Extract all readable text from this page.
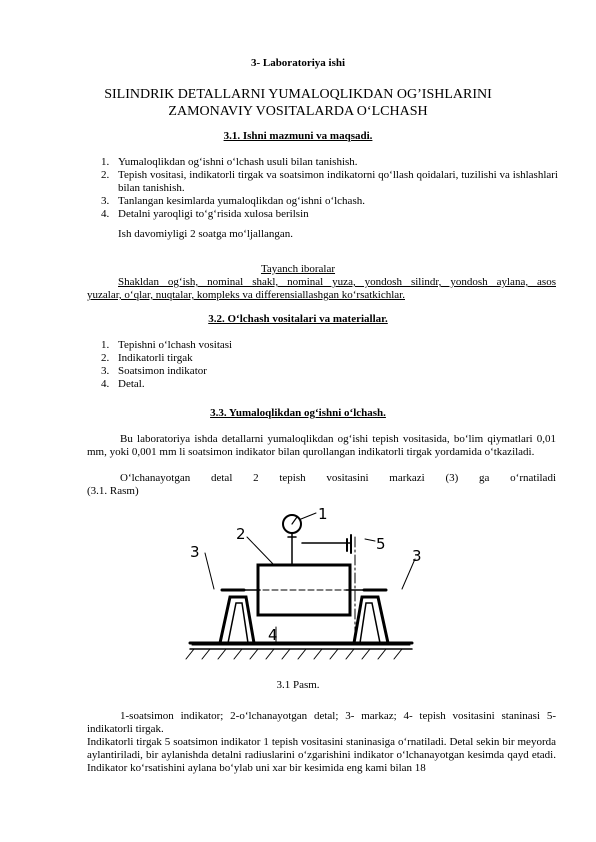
3- Laboratoriya ishi
SILINDRIK DETALLARNI YUMALOQLIKDAN OG’ISHLARINI
ZAMONAVIY VOSITALARDA O‘LCHASH
3.1. Ishni mazmuni va maqsadi.
1. Yumaloqlikdan og‘ishni o‘lchash usuli bilan tanishish.
2. Tepish vositasi, indikatorli tirgak va soatsimon indikatorni qo‘llash qoidalari, tuzilishi va ishlashlari bilan tanishish.
3. Tanlangan kesimlarda yumaloqlikdan og‘ishni o‘lchash.
4. Detalni yaroqligi to‘g‘risida xulosa berilsin
Ish davomiyligi 2 soatga mo‘ljallangan.
Tayanch iboralar
Shakldan og‘ish, nominal shakl, nominal yuza, yondosh silindr, yondosh aylana, asos
yuzalar, o‘qlar, nuqtalar, kompleks va differensiallashgan ko‘rsatkichlar.
3.2. O‘lchash vositalari va materiallar.
1. Tepishni o‘lchash vositasi
2. Indikatorli tirgak
3. Soatsimon indikator
4. Detal.
3.3. Yumaloqlikdan og‘ishni o‘lchash.
Bu laboratoriya ishda detallarni yumaloqlikdan og‘ishi tepish vositasida, bo‘lim qiymatlari 0,01 mm, yoki 0,001 mm li soatsimon indikator bilan qurollangan indikatorli tirgak yordamida o‘tkaziladi.
O‘lchanayotgan detal 2 tepish vositasini markazi (3) ga o‘rnatiladi
(3.1. Rasm)
1
2
3	3
4
5
3.1 Pasm.
1-soatsimon indikator; 2-o‘lchanayotgan detal; 3- markaz; 4- tepish vositasini staninasi 5- indikatorli tirgak.
Indikatorli tirgak 5 soatsimon indikator 1 tepish vositasini staninasiga o‘rnatiladi. Detal sekin bir meyorda aylantiriladi, bir aylanishda detalni radiuslarini o‘zgarishini indikator o‘lchanayotgan kesimda qayd etadi. Indikator ko‘rsatishini aylana bo‘ylab uni xar bir kesimida eng kami bilan 18
